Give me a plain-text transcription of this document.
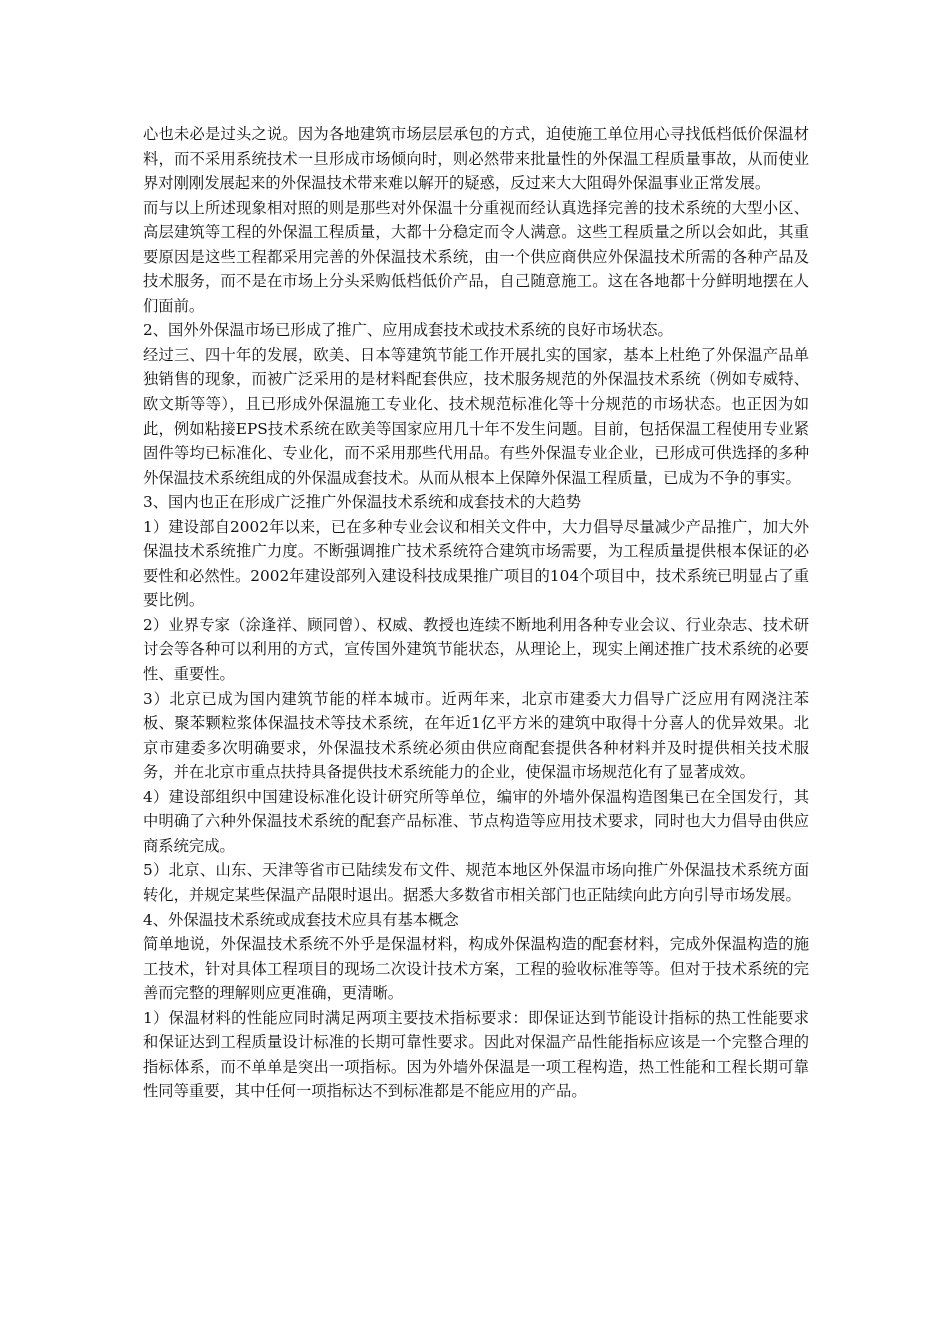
心也未必是过头之说。因为各地建筑市场层层承包的方式，迫使施工单位用心寻找低档低价保温材料，而不采用系统技术一旦形成市场倾向时，则必然带来批量性的外保温工程质量事故，从而使业界对刚刚发展起来的外保温技术带来难以解开的疑惑，反过来大大阻碍外保温事业正常发展。

而与以上所述现象相对照的则是那些对外保温十分重视而经认真选择完善的技术系统的大型小区、高层建筑等工程的外保温工程质量，大都十分稳定而令人满意。这些工程质量之所以会如此，其重要原因是这些工程都采用完善的外保温技术系统，由一个供应商供应外保温技术所需的各种产品及技术服务，而不是在市场上分头采购低档低价产品，自己随意施工。这在各地都十分鲜明地摆在人们面前。

2、国外外保温市场已形成了推广、应用成套技术或技术系统的良好市场状态。

经过三、四十年的发展，欧美、日本等建筑节能工作开展扎实的国家，基本上杜绝了外保温产品单独销售的现象，而被广泛采用的是材料配套供应，技术服务规范的外保温技术系统（例如专威特、欧文斯等等），且已形成外保温施工专业化、技术规范标准化等十分规范的市场状态。也正因为如此，例如粘接EPS技术系统在欧美等国家应用几十年不发生问题。目前，包括保温工程使用专业紧固件等均已标准化、专业化，而不采用那些代用品。有些外保温专业企业，已形成可供选择的多种外保温技术系统组成的外保温成套技术。从而从根本上保障外保温工程质量，已成为不争的事实。

3、国内也正在形成广泛推广外保温技术系统和成套技术的大趋势

1）建设部自2002年以来，已在多种专业会议和相关文件中，大力倡导尽量减少产品推广，加大外保温技术系统推广力度。不断强调推广技术系统符合建筑市场需要，为工程质量提供根本保证的必要性和必然性。2002年建设部列入建设科技成果推广项目的104个项目中，技术系统已明显占了重要比例。

2）业界专家（涂逢祥、顾同曾）、权威、教授也连续不断地利用各种专业会议、行业杂志、技术研讨会等各种可以利用的方式，宣传国外建筑节能状态，从理论上，现实上阐述推广技术系统的必要性、重要性。

3）北京已成为国内建筑节能的样本城市。近两年来，北京市建委大力倡导广泛应用有网浇注苯板、聚苯颗粒浆体保温技术等技术系统，在年近1亿平方米的建筑中取得十分喜人的优异效果。北京市建委多次明确要求，外保温技术系统必须由供应商配套提供各种材料并及时提供相关技术服务，并在北京市重点扶持具备提供技术系统能力的企业，使保温市场规范化有了显著成效。

4）建设部组织中国建设标准化设计研究所等单位，编审的外墙外保温构造图集已在全国发行，其中明确了六种外保温技术系统的配套产品标准、节点构造等应用技术要求，同时也大力倡导由供应商系统完成。

5）北京、山东、天津等省市已陆续发布文件、规范本地区外保温市场向推广外保温技术系统方面转化，并规定某些保温产品限时退出。据悉大多数省市相关部门也正陆续向此方向引导市场发展。

4、外保温技术系统或成套技术应具有基本概念

简单地说，外保温技术系统不外乎是保温材料，构成外保温构造的配套材料，完成外保温构造的施工技术，针对具体工程项目的现场二次设计技术方案，工程的验收标准等等。但对于技术系统的完善而完整的理解则应更准确，更清晰。

1）保温材料的性能应同时满足两项主要技术指标要求：即保证达到节能设计指标的热工性能要求和保证达到工程质量设计标准的长期可靠性要求。因此对保温产品性能指标应该是一个完整合理的指标体系，而不单单是突出一项指标。因为外墙外保温是一项工程构造，热工性能和工程长期可靠性同等重要，其中任何一项指标达不到标准都是不能应用的产品。
